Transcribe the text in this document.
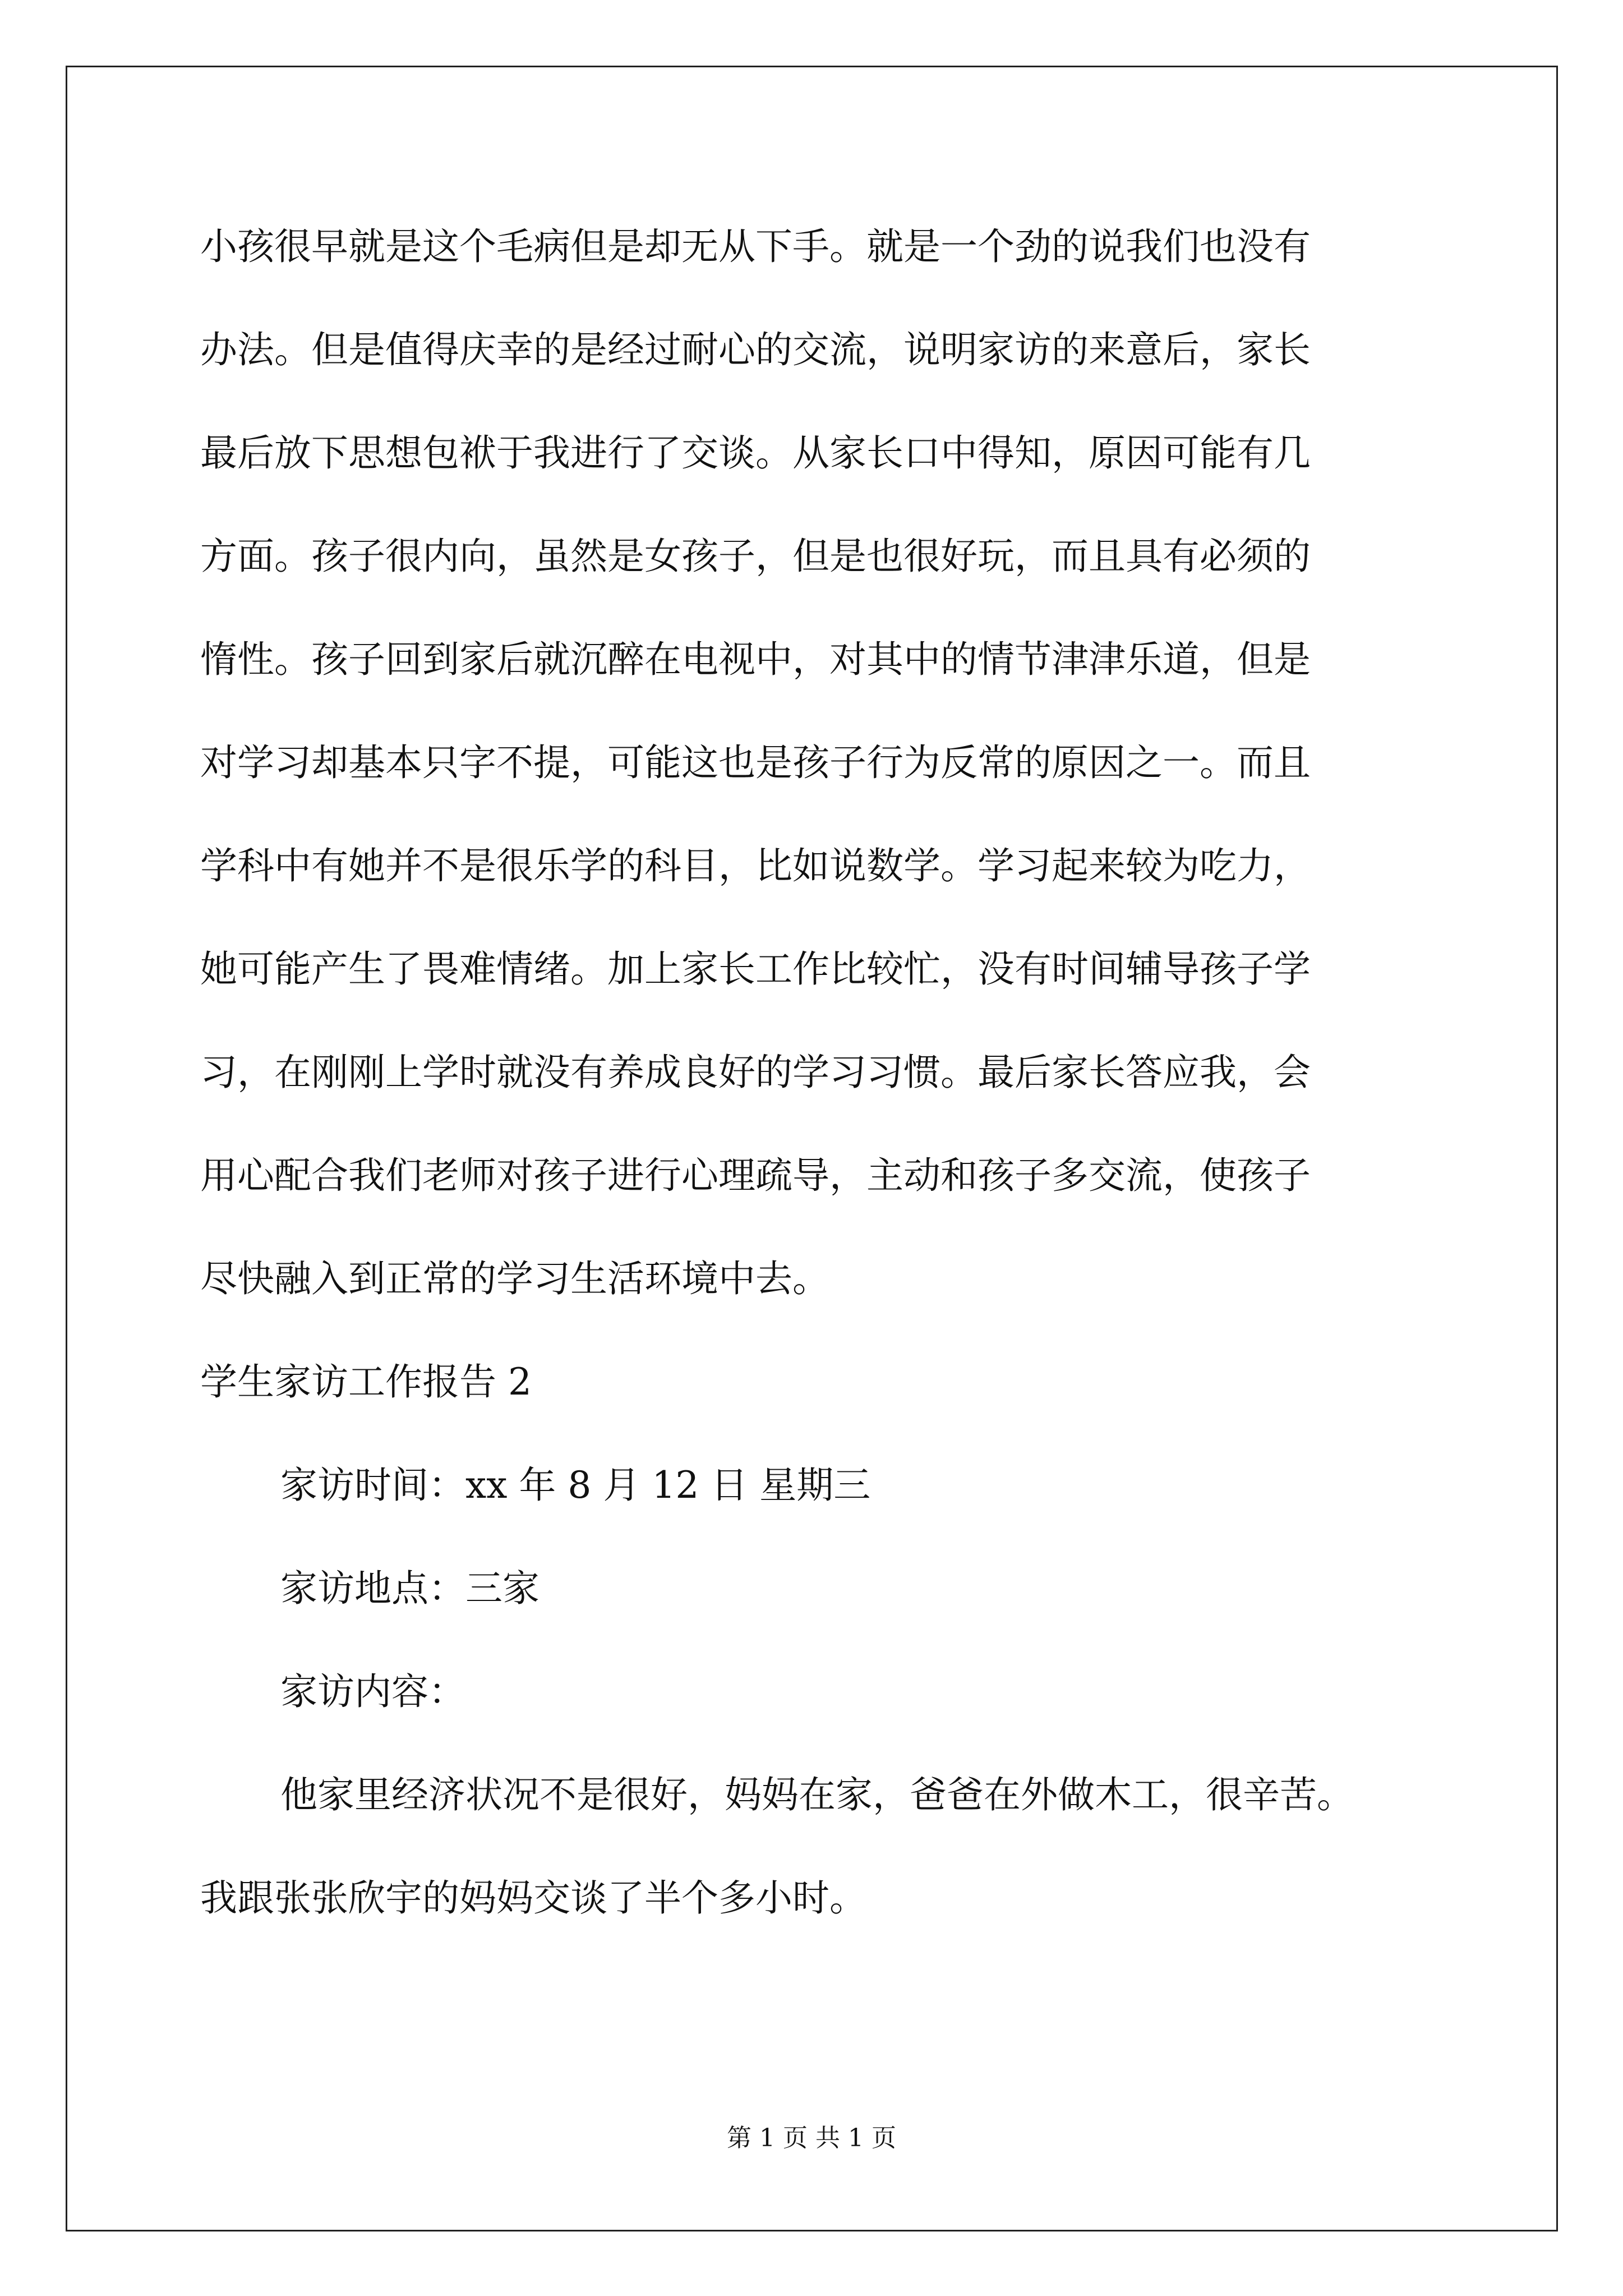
小孩很早就是这个毛病但是却无从下手。就是一个劲的说我们也没有
办法。但是值得庆幸的是经过耐心的交流，说明家访的来意后，家长
最后放下思想包袱于我进行了交谈。从家长口中得知，原因可能有几
方面。孩子很内向，虽然是女孩子，但是也很好玩，而且具有必须的
惰性。孩子回到家后就沉醉在电视中，对其中的情节津津乐道，但是
对学习却基本只字不提，可能这也是孩子行为反常的原因之一。而且
学科中有她并不是很乐学的科目，比如说数学。学习起来较为吃力，
她可能产生了畏难情绪。加上家长工作比较忙，没有时间辅导孩子学
习，在刚刚上学时就没有养成良好的学习习惯。最后家长答应我，会
用心配合我们老师对孩子进行心理疏导，主动和孩子多交流，使孩子
尽快融入到正常的学习生活环境中去。
学生家访工作报告 2
家访时间：xx 年 8 月 12 日 星期三
家访地点：三家
家访内容：
他家里经济状况不是很好，妈妈在家，爸爸在外做木工，很辛苦。
我跟张张欣宇的妈妈交谈了半个多小时。
第 1 页 共 1 页
